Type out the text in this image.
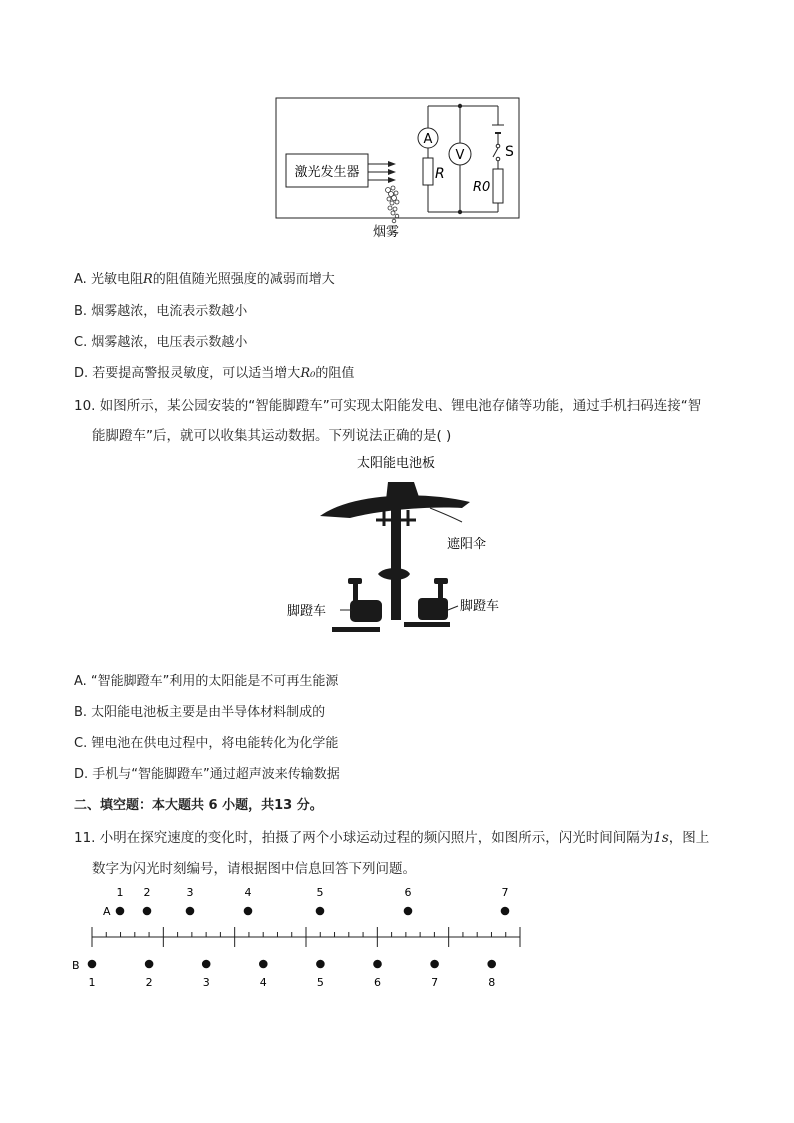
激光发生器
烟雾
A
V
R
S
R0
A. 光敏电阻R的阻值随光照强度的减弱而增大
B. 烟雾越浓，电流表示数越小
C. 烟雾越浓，电压表示数越小
D. 若要提高警报灵敏度，可以适当增大R₀的阻值
10. 如图所示，某公园安装的“智能脚蹬车”可实现太阳能发电、锂电池存储等功能，通过手机扫码连接“智
能脚蹬车”后，就可以收集其运动数据。下列说法正确的是( )
太阳能电池板
遮阳伞
脚蹬车	脚蹬车
A. “智能脚蹬车”利用的太阳能是不可再生能源
B. 太阳能电池板主要是由半导体材料制成的
C. 锂电池在供电过程中，将电能转化为化学能
D. 手机与“智能脚蹬车”通过超声波来传输数据
二、填空题：本大题共 6 小题，共13 分。
11. 小明在探究速度的变化时，拍摄了两个小球运动过程的频闪照片，如图所示，闪光时间间隔为1s，图上
数字为闪光时刻编号，请根据图中信息回答下列问题。
A
B
1 2	3	4	5	6	7
1	2	3	4	5	6	7	8
